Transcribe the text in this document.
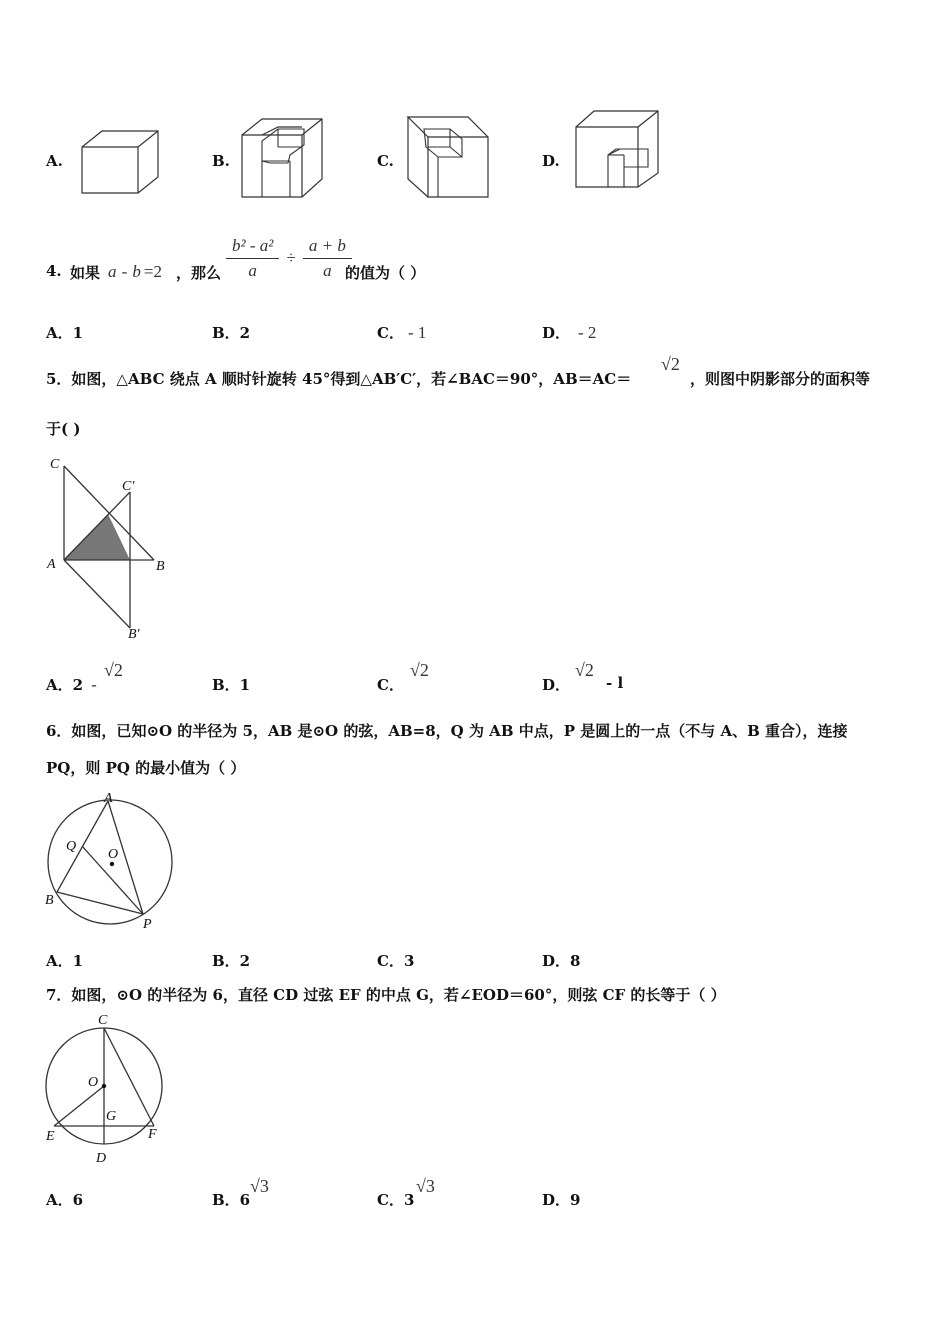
A.	B.	C.	D.
4. 如果 a - b =2 ，那么 $\frac{\text{b² - a²}}{a} \div \frac{a + b}{a}$
的值为（ ）
A．1	B．2	C． - 1	D． - 2
5．如图，△ABC 绕点 A 顺时针旋转 45°得到△AB′C′，若∠BAC＝90°，AB＝AC＝
√2
，则图中阴影部分的面积等
于( )
C
C′
A	B
B′
A．2 -
√2
B．1	C．
√2
D．
√2
- l
6．如图，已知⊙O 的半径为 5，AB 是⊙O 的弦，AB=8，Q 为 AB 中点，P 是圆上的一点（不与 A、B 重合），连接
PQ，则 PQ 的最小值为（ ）
A
Q
O
B
P
A．1	B．2	C．3	D．8
7．如图，⊙O 的半径为 6，直径 CD 过弦 EF 的中点 G，若∠EOD＝60°，则弦 CF 的长等于（ ）
C
O
G
E	F
D
A．6	B．6
√3
C．3
√3
D．9
